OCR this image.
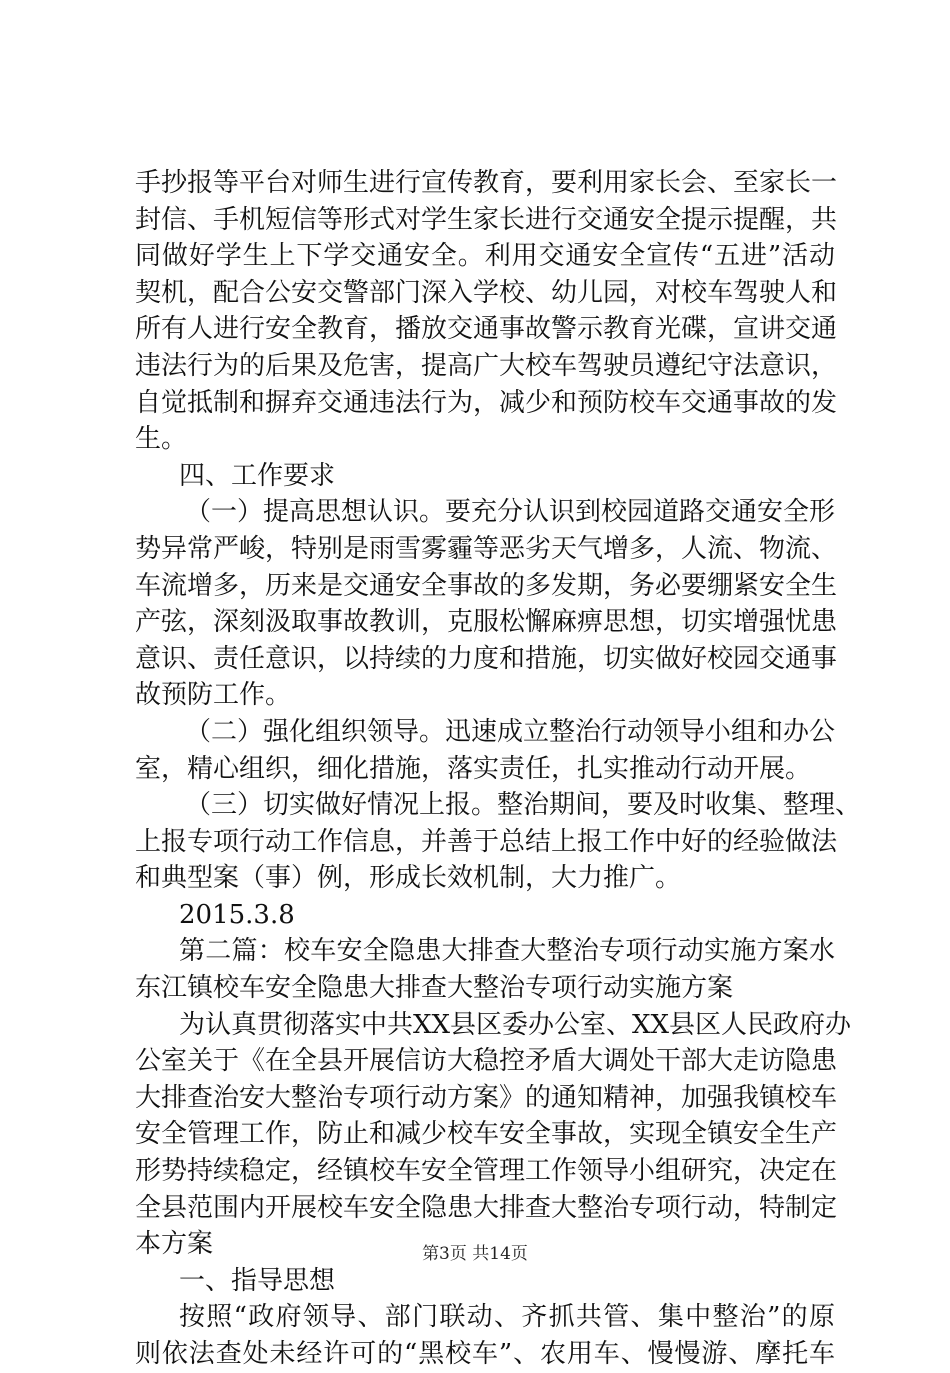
手抄报等平台对师生进行宣传教育，要利用家长会、至家长一
封信、手机短信等形式对学生家长进行交通安全提示提醒，共
同做好学生上下学交通安全。利用交通安全宣传“五进”活动
契机，配合公安交警部门深入学校、幼儿园，对校车驾驶人和
所有人进行安全教育，播放交通事故警示教育光碟，宣讲交通
违法行为的后果及危害，提高广大校车驾驶员遵纪守法意识，
自觉抵制和摒弃交通违法行为，减少和预防校车交通事故的发
生。
四、工作要求
（一）提高思想认识。要充分认识到校园道路交通安全形
势异常严峻，特别是雨雪雾霾等恶劣天气增多，人流、物流、
车流增多，历来是交通安全事故的多发期，务必要绷紧安全生
产弦，深刻汲取事故教训，克服松懈麻痹思想，切实增强忧患
意识、责任意识，以持续的力度和措施，切实做好校园交通事
故预防工作。
（二）强化组织领导。迅速成立整治行动领导小组和办公
室，精心组织，细化措施，落实责任，扎实推动行动开展。
（三）切实做好情况上报。整治期间，要及时收集、整理、
上报专项行动工作信息，并善于总结上报工作中好的经验做法
和典型案（事）例，形成长效机制，大力推广。
2015.3.8
第二篇：校车安全隐患大排查大整治专项行动实施方案水
东江镇校车安全隐患大排查大整治专项行动实施方案
为认真贯彻落实中共XX县区委办公室、XX县区人民政府办
公室关于《在全县开展信访大稳控矛盾大调处干部大走访隐患
大排查治安大整治专项行动方案》的通知精神，加强我镇校车
安全管理工作，防止和减少校车安全事故，实现全镇安全生产
形势持续稳定，经镇校车安全管理工作领导小组研究，决定在
全县范围内开展校车安全隐患大排查大整治专项行动，特制定
本方案
一、指导思想
按照“政府领导、部门联动、齐抓共管、集中整治”的原
则依法查处未经许可的“黑校车”、农用车、慢慢游、摩托车
第3页 共14页
